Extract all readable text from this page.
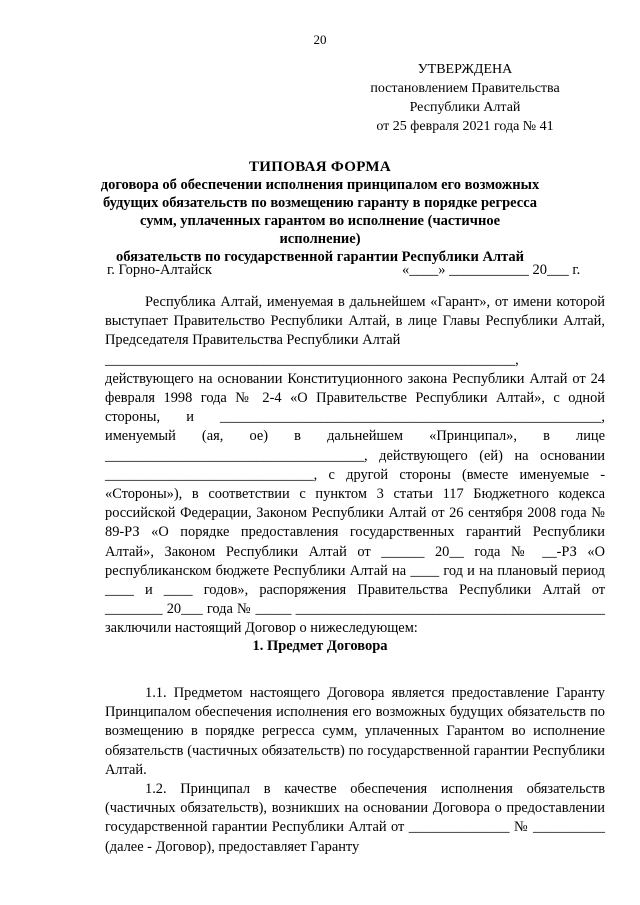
20
УТВЕРЖДЕНА
постановлением Правительства
Республики Алтай
от 25 февраля 2021 года № 41
ТИПОВАЯ ФОРМА
договора об обеспечении исполнения принципалом его возможных
будущих обязательств по возмещению гаранту в порядке регресса
сумм, уплаченных гарантом во исполнение (частичное исполнение)
обязательств по государственной гарантии Республики Алтай
г. Горно-Алтайск	«____» ___________ 20___ г.

Республика Алтай, именуемая в дальнейшем «Гарант», от имени которой выступает Правительство Республики Алтай, в лице Главы Республики Алтай, Председателя Правительства Республики Алтай

_________________________________________________________,

действующего на основании Конституционного закона Республики Алтай от 24 февраля 1998 года № 2-4 «О Правительстве Республики Алтай», с одной стороны, и _____________________________________________________, именуемый (ая, ое) в дальнейшем «Принципал», в лице ____________________________________, действующего (ей) на основании _____________________________, с другой стороны (вместе именуемые - «Стороны»), в соответствии с пунктом 3 статьи 117 Бюджетного кодекса российской Федерации, Законом Республики Алтай от 26 сентября 2008 года № 89-РЗ «О порядке предоставления государственных гарантий Республики Алтай», Законом Республики Алтай от ______ 20__ года № __-РЗ «О республиканском бюджете Республики Алтай на ____ год и на плановый период ____ и ____ годов», распоряжения Правительства Республики Алтай от ________ 20___ года № _____ ___________________________________________ заключили настоящий Договор о нижеследующем:

1. Предмет Договора

1.1. Предметом настоящего Договора является предоставление Гаранту Принципалом обеспечения исполнения его возможных будущих обязательств по возмещению в порядке регресса сумм, уплаченных Гарантом во исполнение обязательств (частичных обязательств) по государственной гарантии Республики Алтай.

1.2. Принципал в качестве обеспечения исполнения обязательств (частичных обязательств), возникших на основании Договора о предоставлении государственной гарантии Республики Алтай от ______________ № __________ (далее - Договор), предоставляет Гаранту
